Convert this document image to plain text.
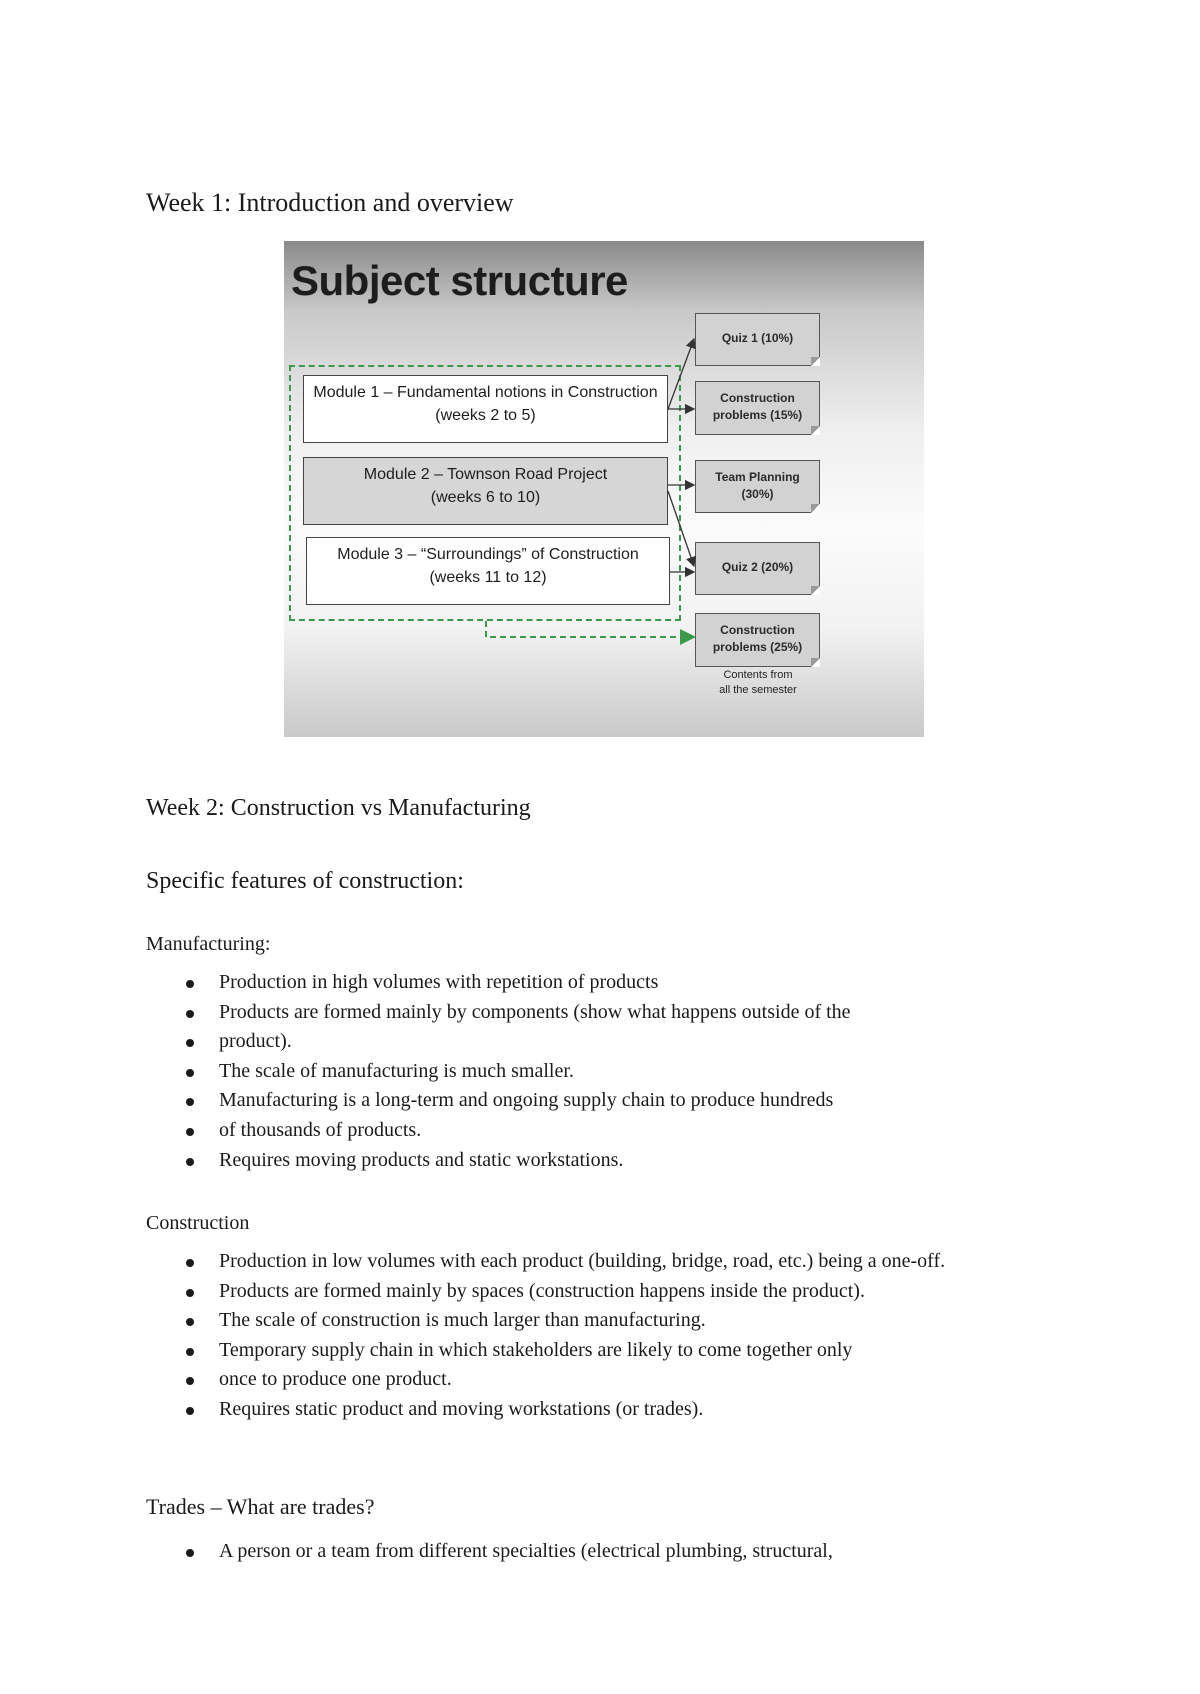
Week 1: Introduction and overview
Subject structure
Module 1 – Fundamental notions in Construction
(weeks 2 to 5)
Module 2 – Townson Road Project
(weeks 6 to 10)
Module 3 – “Surroundings” of Construction
(weeks 11 to 12)
Quiz 1 (10%)
Construction
problems (15%)
Team Planning
(30%)
Quiz 2 (20%)
Construction
problems (25%)
Contents from
all the semester
Week 2: Construction vs Manufacturing

Specific features of construction:

Manufacturing:

Production in high volumes with repetition of products
Products are formed mainly by components (show what happens outside of the
product).
The scale of manufacturing is much smaller.
Manufacturing is a long-term and ongoing supply chain to produce hundreds
of thousands of products.
Requires moving products and static workstations.

Construction

Production in low volumes with each product (building, bridge, road, etc.) being a one-off.
Products are formed mainly by spaces (construction happens inside the product).
The scale of construction is much larger than manufacturing.
Temporary supply chain in which stakeholders are likely to come together only
once to produce one product.
Requires static product and moving workstations (or trades).

Trades – What are trades?

A person or a team from different specialties (electrical plumbing, structural,
